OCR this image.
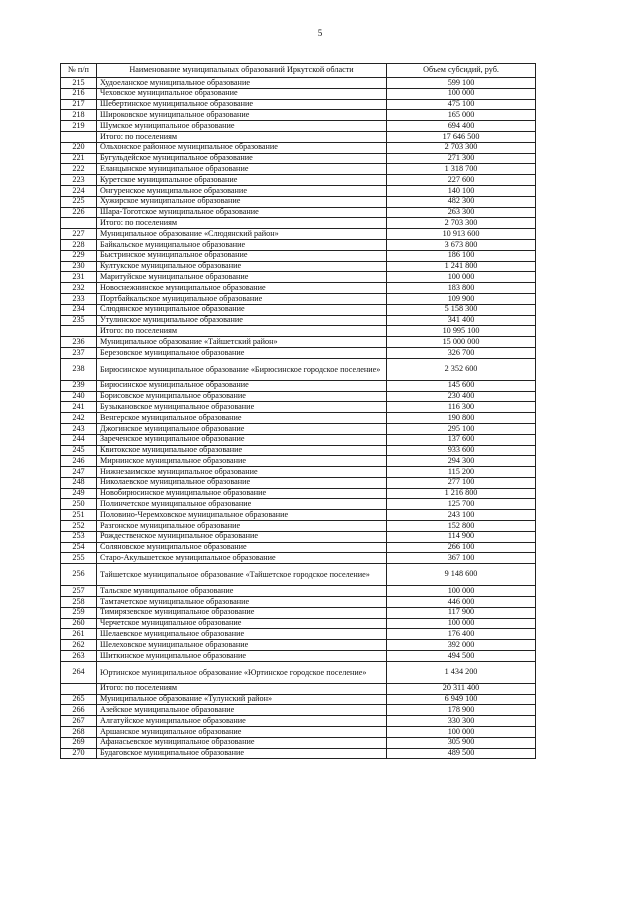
5
№ п/п	Наименование муниципальных образований Иркутской области	Объем субсидий, руб.
215	Худоеланское муниципальное образование	599 100
216	Чеховское муниципальное образование	100 000
217	Шебертинское муниципальное образование	475 100
218	Широковское муниципальное образование	165 000
219	Шумское муниципальное образование	694 400
	Итого: по поселениям	17 646 500
220	Ольхонское районное муниципальное образование	2 703 300
221	Бугульдейское муниципальное образование	271 300
222	Еланцынское муниципальное образование	1 318 700
223	Куретское муниципальное образование	227 600
224	Онгуренское муниципальное образование	140 100
225	Хужирское муниципальное образование	482 300
226	Шара-Тоготское муниципальное образование	263 300
	Итого: по поселениям	2 703 300
227	Муниципальное образование «Слюдянский район»	10 913 600
228	Байкальское муниципальное образование	3 673 800
229	Быстринское муниципальное образование	186 100
230	Култукское муниципальное образование	1 241 800
231	Маритуйское муниципальное образование	100 000
232	Новоснежнинское муниципальное образование	183 800
233	Портбайкальское муниципальное образование	109 900
234	Слюдянское муниципальное образование	5 158 300
235	Утулинское муниципальное образование	341 400
	Итого: по поселениям	10 995 100
236	Муниципальное образование «Тайшетский район»	15 000 000
237	Березовское муниципальное образование	326 700
238	Бирюсинское муниципальное образование «Бирюсинское городское поселение»	2 352 600
239	Бирюсинское муниципальное образование	145 600
240	Борисовское муниципальное образование	230 400
241	Бузыкановское муниципальное образование	116 300
242	Венгерское муниципальное образование	190 800
243	Джогинское муниципальное образование	295 100
244	Зареченское муниципальное образование	137 600
245	Квитокское муниципальное образование	933 600
246	Мирнинское муниципальное образование	294 300
247	Нижнезаимское муниципальное образование	115 200
248	Николаевское муниципальное образование	277 100
249	Новобирюсинское муниципальное образование	1 216 800
250	Полинчетское муниципальное образование	125 700
251	Половино-Черемховское муниципальное образование	243 100
252	Разгонское муниципальное образование	152 800
253	Рождественское муниципальное образование	114 900
254	Соляновское муниципальное образование	266 100
255	Старо-Акульшетское муниципальное образование	367 100
256	Тайшетское муниципальное образование «Тайшетское городское поселение»	9 148 600
257	Тальское муниципальное образование	100 000
258	Тамтачетское муниципальное образование	446 000
259	Тимирязевское муниципальное образование	117 900
260	Черчетское муниципальное образование	100 000
261	Шелаевское муниципальное образование	176 400
262	Шелеховское муниципальное образование	392 000
263	Шиткинское муниципальное образование	494 500
264	Юртинское муниципальное образование «Юртинское городское поселение»	1 434 200
	Итого: по поселениям	20 311 400
265	Муниципальное образование «Тулунский район»	6 949 100
266	Азейское муниципальное образование	178 900
267	Алгатуйское муниципальное образование	330 300
268	Аршанское муниципальное образование	100 000
269	Афанасьевское муниципальное образование	305 900
270	Будаговское муниципальное образование	489 500
